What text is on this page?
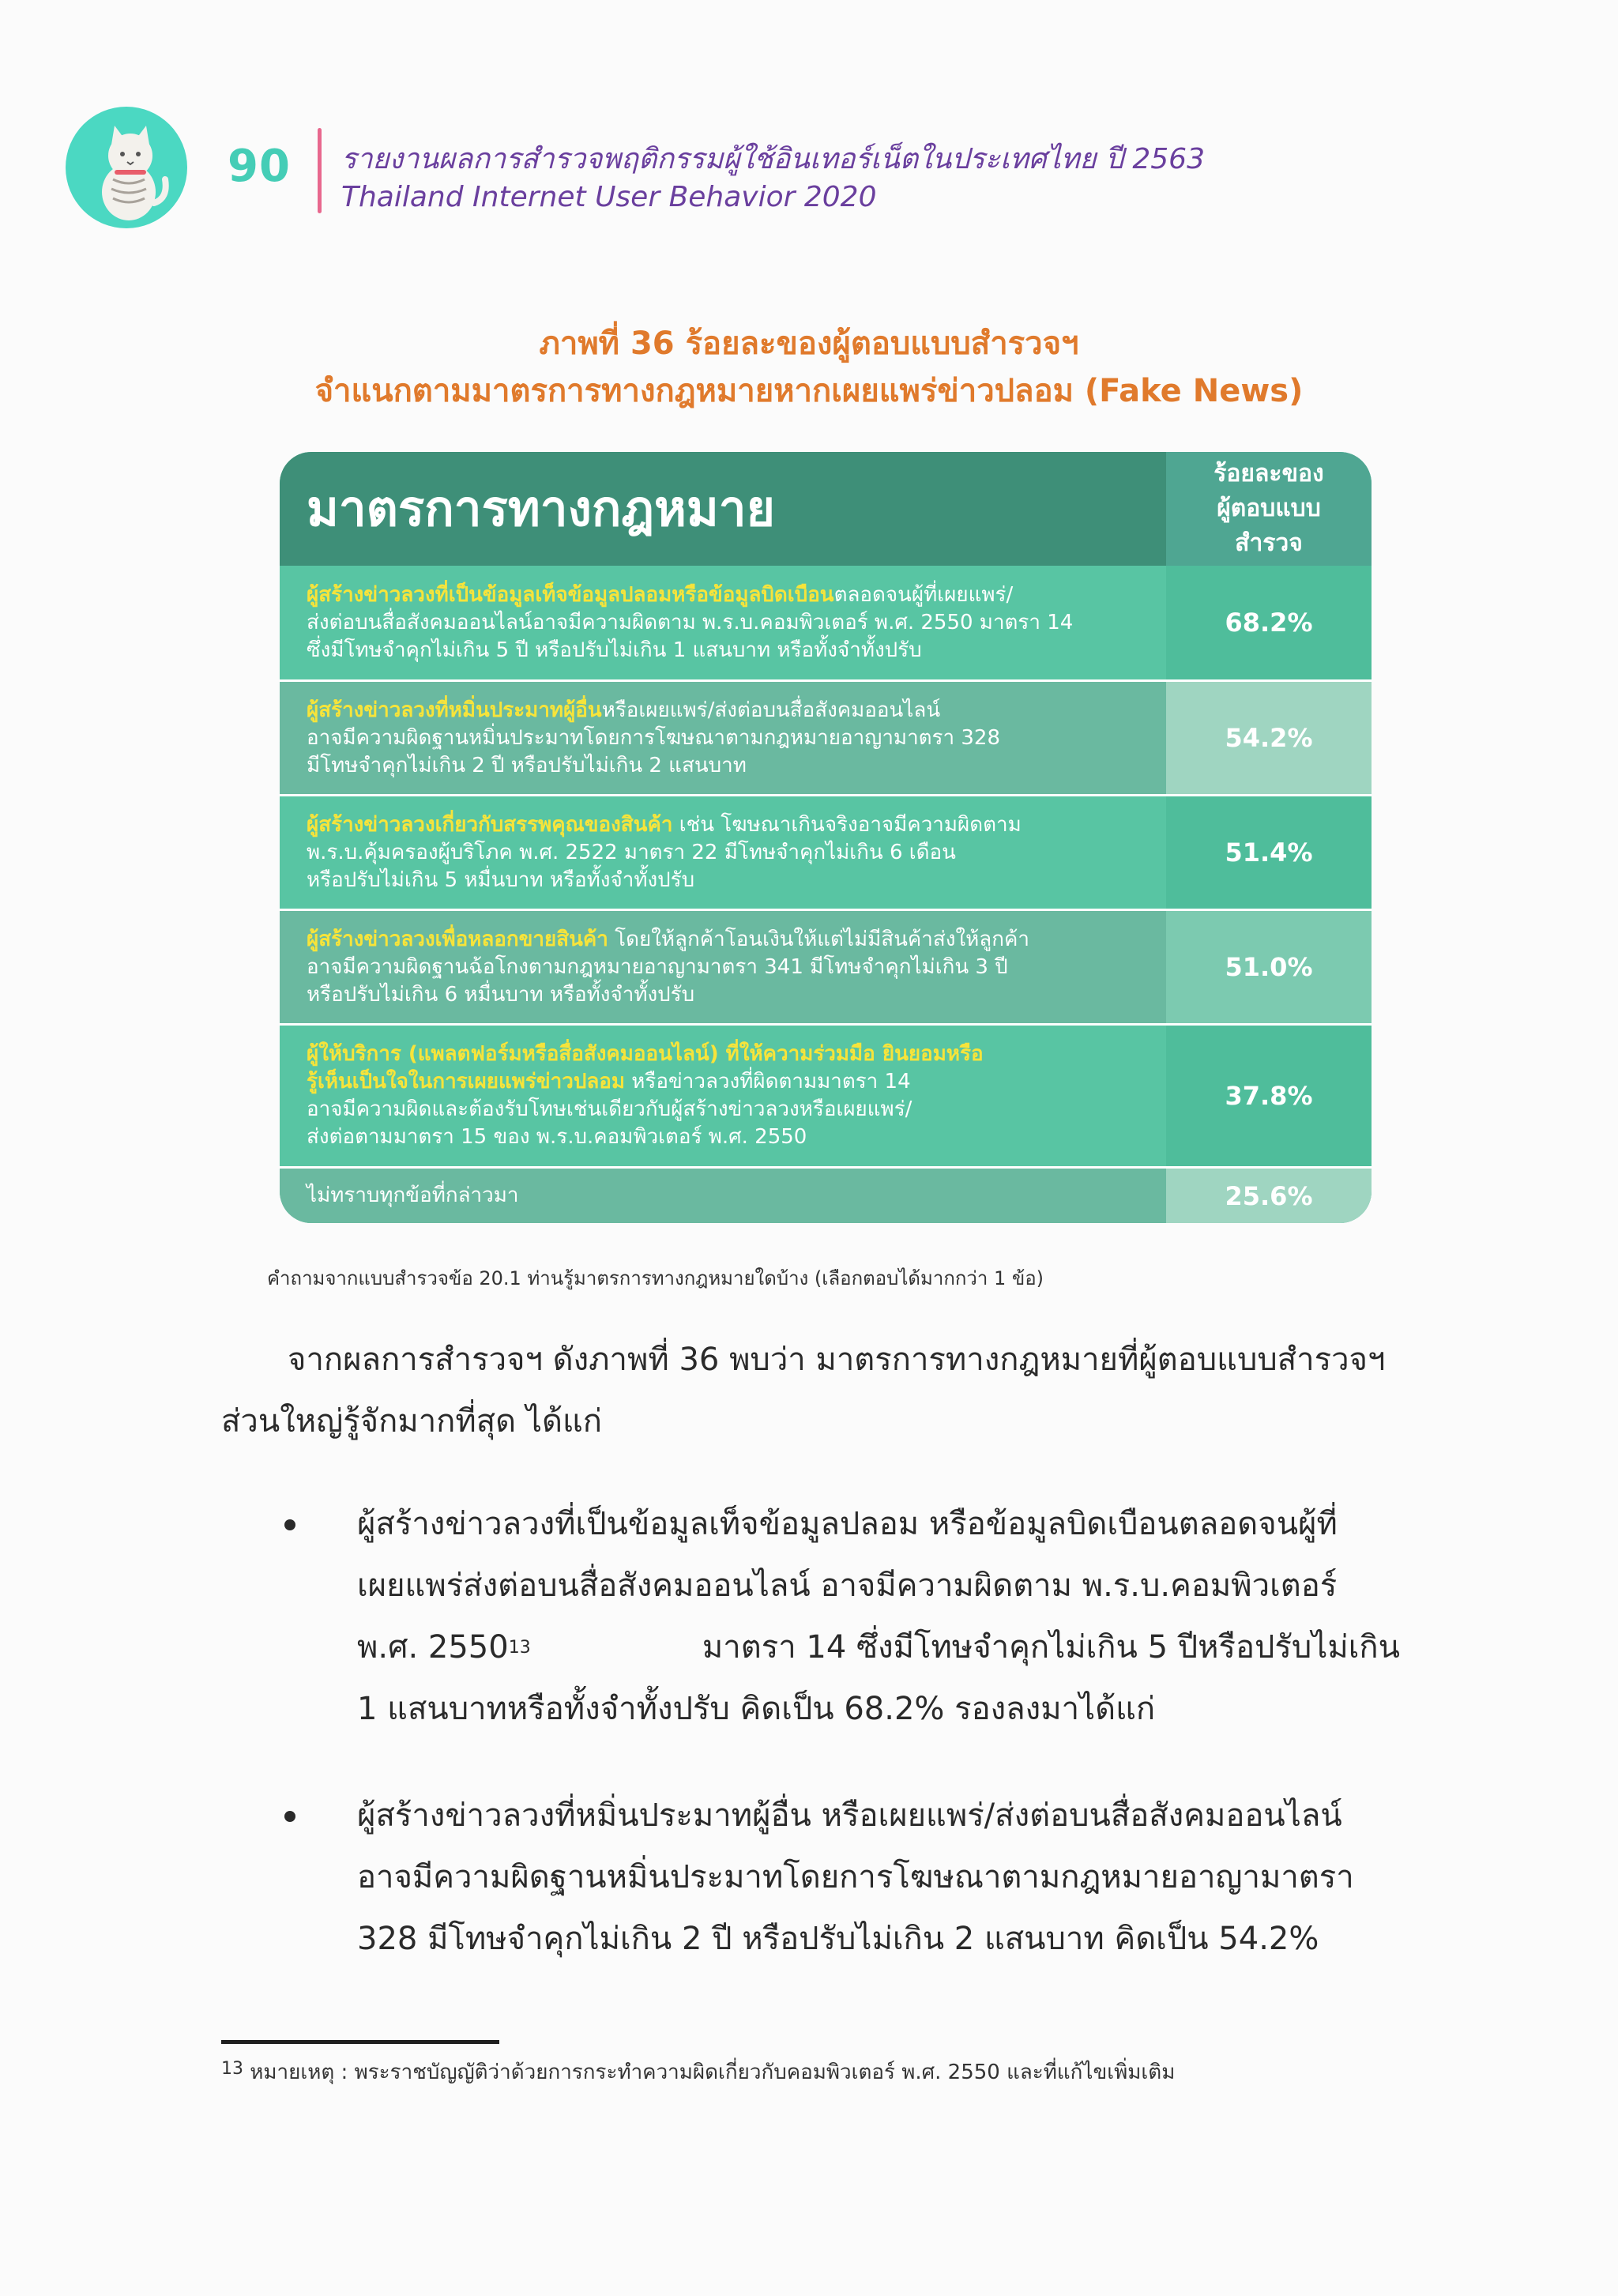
90 รายงานผลการสำรวจพฤติกรรมผู้ใช้อินเทอร์เน็ตในประเทศไทย ปี 2563
Thailand Internet User Behavior 2020
ภาพที่ 36 ร้อยละของผู้ตอบแบบสำรวจฯ
จำแนกตามมาตรการทางกฎหมายหากเผยแพร่ข่าวปลอม (Fake News)
มาตรการทางกฎหมาย
ร้อยละของ
ผู้ตอบแบบ
สำรวจ
ผู้สร้างข่าวลวงที่เป็นข้อมูลเท็จข้อมูลปลอมหรือข้อมูลบิดเบือนตลอดจนผู้ที่เผยแพร่/
ส่งต่อบนสื่อสังคมออนไลน์อาจมีความผิดตาม พ.ร.บ.คอมพิวเตอร์ พ.ศ. 2550 มาตรา 14
ซึ่งมีโทษจำคุกไม่เกิน 5 ปี หรือปรับไม่เกิน 1 แสนบาท หรือทั้งจำทั้งปรับ
68.2%
ผู้สร้างข่าวลวงที่หมิ่นประมาทผู้อื่นหรือเผยแพร่/ส่งต่อบนสื่อสังคมออนไลน์
อาจมีความผิดฐานหมิ่นประมาทโดยการโฆษณาตามกฎหมายอาญามาตรา 328
มีโทษจำคุกไม่เกิน 2 ปี หรือปรับไม่เกิน 2 แสนบาท
54.2%
ผู้สร้างข่าวลวงเกี่ยวกับสรรพคุณของสินค้า เช่น โฆษณาเกินจริงอาจมีความผิดตาม
พ.ร.บ.คุ้มครองผู้บริโภค พ.ศ. 2522 มาตรา 22 มีโทษจำคุกไม่เกิน 6 เดือน
หรือปรับไม่เกิน 5 หมื่นบาท หรือทั้งจำทั้งปรับ
51.4%
ผู้สร้างข่าวลวงเพื่อหลอกขายสินค้า โดยให้ลูกค้าโอนเงินให้แต่ไม่มีสินค้าส่งให้ลูกค้า
อาจมีความผิดฐานฉ้อโกงตามกฎหมายอาญามาตรา 341 มีโทษจำคุกไม่เกิน 3 ปี
หรือปรับไม่เกิน 6 หมื่นบาท หรือทั้งจำทั้งปรับ
51.0%
ผู้ให้บริการ (แพลตฟอร์มหรือสื่อสังคมออนไลน์) ที่ให้ความร่วมมือ ยินยอมหรือ
รู้เห็นเป็นใจในการเผยแพร่ข่าวปลอม หรือข่าวลวงที่ผิดตามมาตรา 14
อาจมีความผิดและต้องรับโทษเช่นเดียวกับผู้สร้างข่าวลวงหรือเผยแพร่/
ส่งต่อตามมาตรา 15 ของ พ.ร.บ.คอมพิวเตอร์ พ.ศ. 2550
37.8%
ไม่ทราบทุกข้อที่กล่าวมา	25.6%
คำถามจากแบบสำรวจข้อ 20.1 ท่านรู้มาตรการทางกฎหมายใดบ้าง (เลือกตอบได้มากกว่า 1 ข้อ)
จากผลการสำรวจฯ ดังภาพที่ 36 พบว่า มาตรการทางกฎหมายที่ผู้ตอบแบบสำรวจฯ
ส่วนใหญ่รู้จักมากที่สุด ได้แก่
ผู้สร้างข่าวลวงที่เป็นข้อมูลเท็จข้อมูลปลอม หรือข้อมูลบิดเบือนตลอดจนผู้ที่
เผยแพร่ส่งต่อบนสื่อสังคมออนไลน์ อาจมีความผิดตาม พ.ร.บ.คอมพิวเตอร์
พ.ศ. 2550$^{13}$	มาตรา 14 ซึ่งมีโทษจำคุกไม่เกิน 5 ปีหรือปรับไม่เกิน
1 แสนบาทหรือทั้งจำทั้งปรับ คิดเป็น 68.2% รองลงมาได้แก่
ผู้สร้างข่าวลวงที่หมิ่นประมาทผู้อื่น หรือเผยแพร่/ส่งต่อบนสื่อสังคมออนไลน์
อาจมีความผิดฐานหมิ่นประมาทโดยการโฆษณาตามกฎหมายอาญามาตรา
328 มีโทษจำคุกไม่เกิน 2 ปี หรือปรับไม่เกิน 2 แสนบาท คิดเป็น 54.2%
$^{13}$ หมายเหตุ : พระราชบัญญัติว่าด้วยการกระทำความผิดเกี่ยวกับคอมพิวเตอร์ พ.ศ. 2550 และที่แก้ไขเพิ่มเติม
